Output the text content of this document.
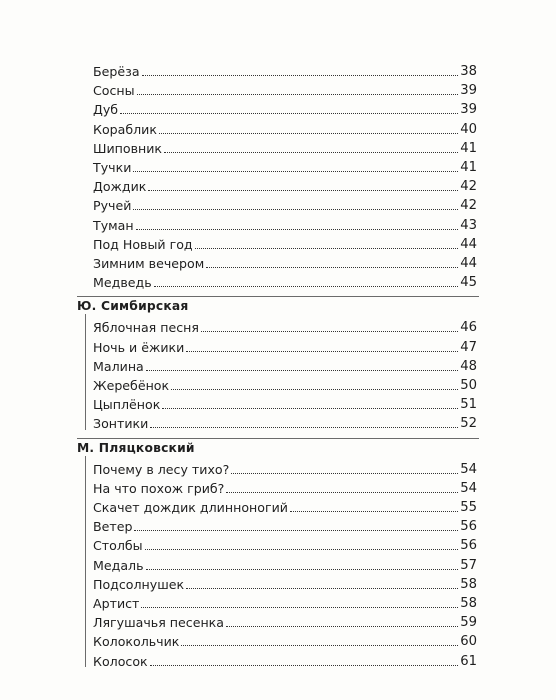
Берёза	38
Сосны	39
Дуб	39
Кораблик	40
Шиповник	41
Тучки	41
Дождик	42
Ручей	42
Туман	43
Под Новый год	44
Зимним вечером	44
Медведь	45
Ю. Симбирская
Яблочная песня	46
Ночь и ёжики	47
Малина	48
Жеребёнок	50
Цыплёнок	51
Зонтики	52
М. Пляцковский
Почему в лесу тихо?	54
На что похож гриб?	54
Скачет дождик длинноногий	55
Ветер	56
Столбы	56
Медаль	57
Подсолнушек	58
Артист	58
Лягушачья песенка	59
Колокольчик	60
Колосок	61
